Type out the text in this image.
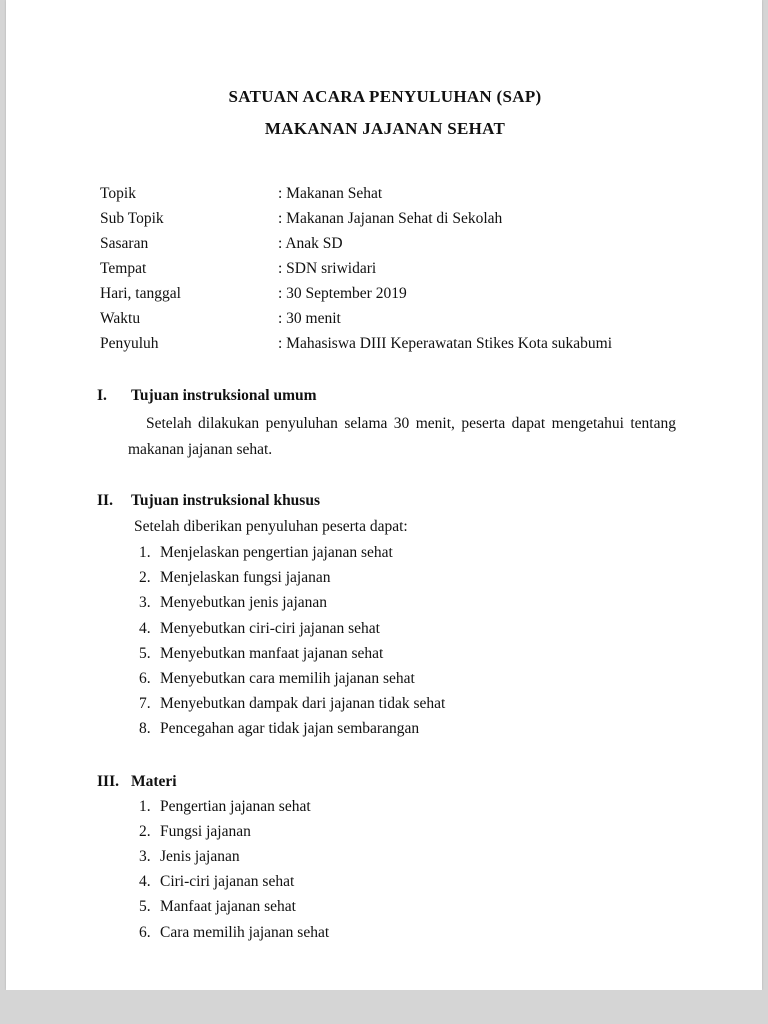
SATUAN ACARA PENYULUHAN (SAP)

MAKANAN JAJANAN SEHAT

Topik	: Makanan Sehat
Sub Topik	: Makanan Jajanan Sehat di Sekolah
Sasaran	: Anak SD
Tempat	: SDN sriwidari
Hari, tanggal	: 30 September 2019
Waktu	: 30 menit
Penyuluh	: Mahasiswa DIII Keperawatan Stikes Kota sukabumi
I.	Tujuan instruksional umum

Setelah dilakukan penyuluhan selama 30 menit, peserta dapat mengetahui tentang makanan jajanan sehat.

II.	Tujuan instruksional khusus

Setelah diberikan penyuluhan peserta dapat:

1. Menjelaskan pengertian jajanan sehat
2. Menjelaskan fungsi jajanan
3. Menyebutkan jenis jajanan
4. Menyebutkan ciri-ciri jajanan sehat
5. Menyebutkan manfaat jajanan sehat
6. Menyebutkan cara memilih jajanan sehat
7. Menyebutkan dampak dari jajanan tidak sehat
8. Pencegahan agar tidak jajan sembarangan
III. Materi
1. Pengertian jajanan sehat
2. Fungsi jajanan
3. Jenis jajanan
4. Ciri-ciri jajanan sehat
5. Manfaat jajanan sehat
6. Cara memilih jajanan sehat
